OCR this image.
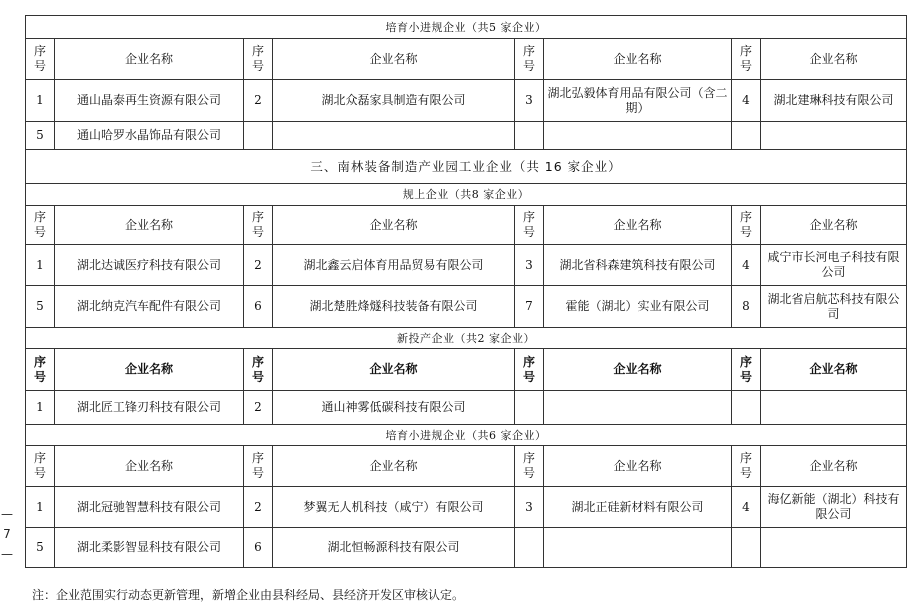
培育小进规企业（共5 家企业）							
序号	企业名称	序号	企业名称	序号	企业名称	序号	企业名称
1	通山晶泰再生资源有限公司	2	湖北众磊家具制造有限公司	3	湖北弘毅体育用品有限公司（含二期）	4	湖北建琳科技有限公司
5	通山哈罗水晶饰品有限公司						
三、南林装备制造产业园工业企业（共 16 家企业）							
规上企业（共8 家企业）							
序号	企业名称	序号	企业名称	序号	企业名称	序号	企业名称
1	湖北达诚医疗科技有限公司	2	湖北鑫云启体育用品贸易有限公司	3	湖北省科森建筑科技有限公司	4	咸宁市长河电子科技有限公司
5	湖北纳克汽车配件有限公司	6	湖北楚胜烽燧科技装备有限公司	7	霍能（湖北）实业有限公司	8	湖北省启航芯科技有限公司
新投产企业（共2 家企业）							
序号	企业名称	序号	企业名称	序号	企业名称	序号	企业名称
1	湖北匠工锋刃科技有限公司	2	通山神雾低碳科技有限公司				
培育小进规企业（共6 家企业）							
序号	企业名称	序号	企业名称	序号	企业名称	序号	企业名称
1	湖北冠驰智慧科技有限公司	2	梦翼无人机科技（咸宁）有限公司	3	湖北正硅新材料有限公司	4	海亿新能（湖北）科技有限公司
5	湖北柔影智显科技有限公司	6	湖北恒畅源科技有限公司				
—
7
—
注：企业范围实行动态更新管理，新增企业由县科经局、县经济开发区审核认定。
